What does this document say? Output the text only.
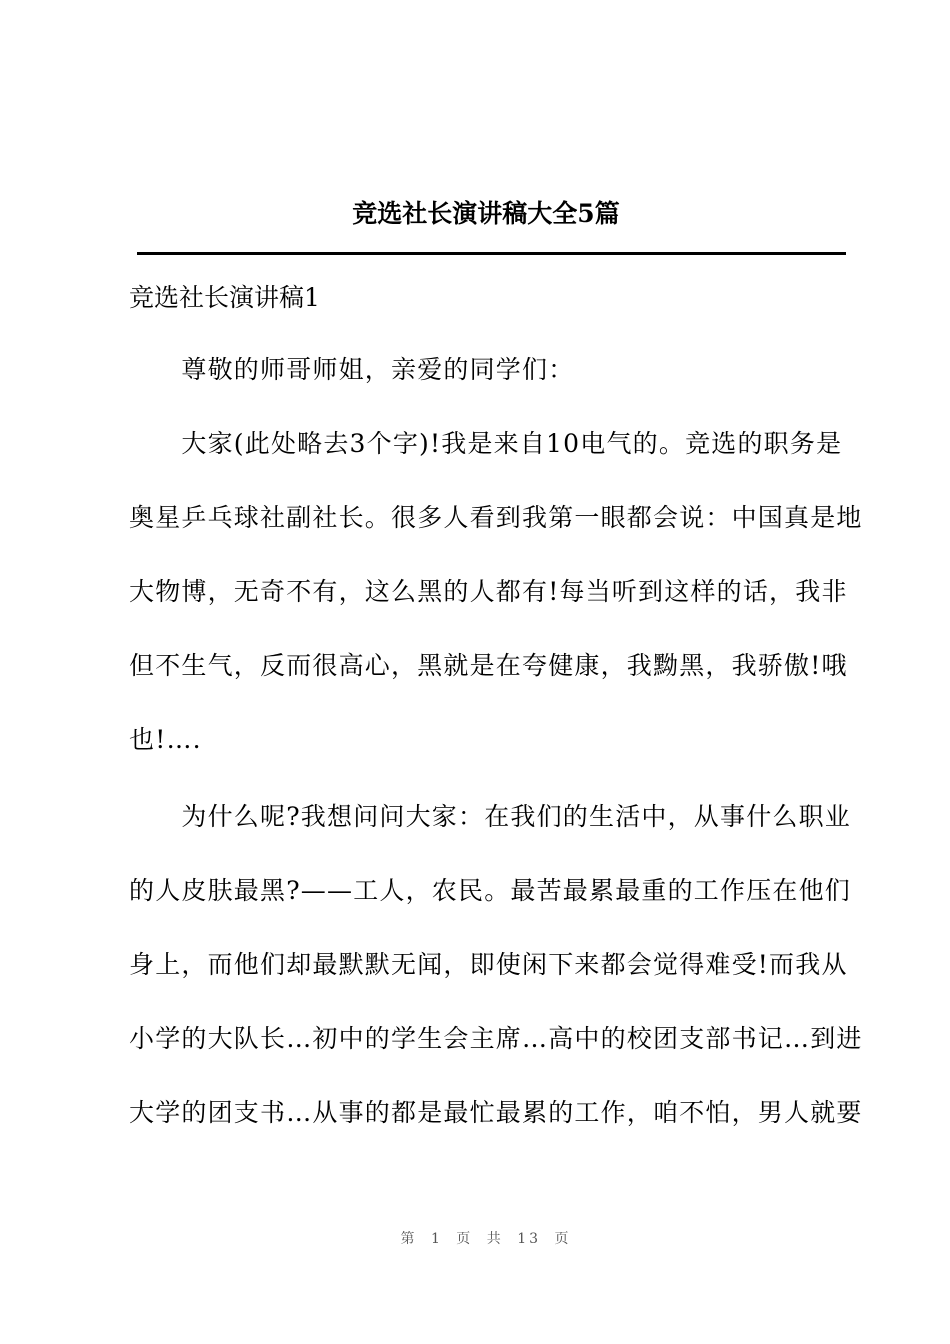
竞选社长演讲稿大全5篇
竞选社长演讲稿1
　　尊敬的师哥师姐，亲爱的同学们：
　　大家(此处略去3个字)!我是来自10电气的。竞选的职务是
奥星乒乓球社副社长。很多人看到我第一眼都会说：中国真是地
大物博，无奇不有，这么黑的人都有!每当听到这样的话，我非
但不生气，反而很高心，黑就是在夸健康，我黝黑，我骄傲!哦
也!….
　　为什么呢?我想问问大家：在我们的生活中，从事什么职业
的人皮肤最黑?——工人，农民。最苦最累最重的工作压在他们
身上，而他们却最默默无闻，即使闲下来都会觉得难受!而我从
小学的大队长…初中的学生会主席…高中的校团支部书记…到进
大学的团支书…从事的都是最忙最累的工作，咱不怕，男人就要
第 1 页 共 13 页
